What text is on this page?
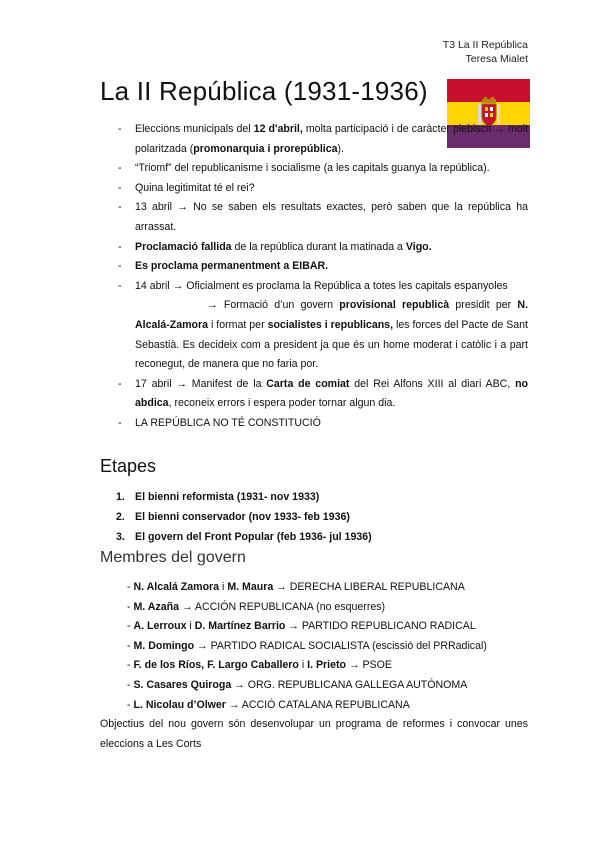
T3 La II República
Teresa Mialet
La II República (1931-1936)
- Eleccions municipals del 12 d'abril, molta participació i de caràcter plebiscit → molt polaritzada (promonarquia i prorepública).
- “Triomf” del republicanisme i socialisme (a les capitals guanya la república).
- Quina legitimitat té el rei?
- 13 abril → No se saben els resultats exactes, però saben que la república ha arrassat.
- Proclamació fallida de la república durant la matinada a Vigo.
- Es proclama permanentment a EIBAR.
- 14 abril → Oficialment es proclama la República a totes les capitals espanyoles
→ Formació d’un govern provisional republicà presidit per N. Alcalá-Zamora i format per socialistes i republicans, les forces del Pacte de Sant Sebastià. Es decideix com a president ja que és un home moderat i catòlic i a part reconegut, de manera que no faria por.
- 17 abril → Manifest de la Carta de comiat del Rei Alfons XIII al diari ABC, no abdica, reconeix errors i espera poder tornar algun dia.
- LA REPÚBLICA NO TÉ CONSTITUCIÓ
Etapes
1. El bienni reformista (1931- nov 1933)
2. El bienni conservador (nov 1933- feb 1936)
3. El govern del Front Popular (feb 1936- jul 1936)
Membres del govern
- N. Alcalá Zamora i M. Maura → DERECHA LIBERAL REPUBLICANA
- M. Azaña → ACCIÓN REPUBLICANA (no esquerres)
- A. Lerroux i D. Martínez Barrio → PARTIDO REPUBLICANO RADICAL
- M. Domingo → PARTIDO RADICAL SOCIALISTA (escissió del PRRadical)
- F. de los Ríos, F. Largo Caballero i I. Prieto → PSOE
- S. Casares Quiroga → ORG. REPUBLICANA GALLEGA AUTÓNOMA
- L. Nicolau d’Olwer → ACCIÓ CATALANA REPUBLICANA

Objectius del nou govern són desenvolupar un programa de reformes i convocar unes eleccions a Les Corts
